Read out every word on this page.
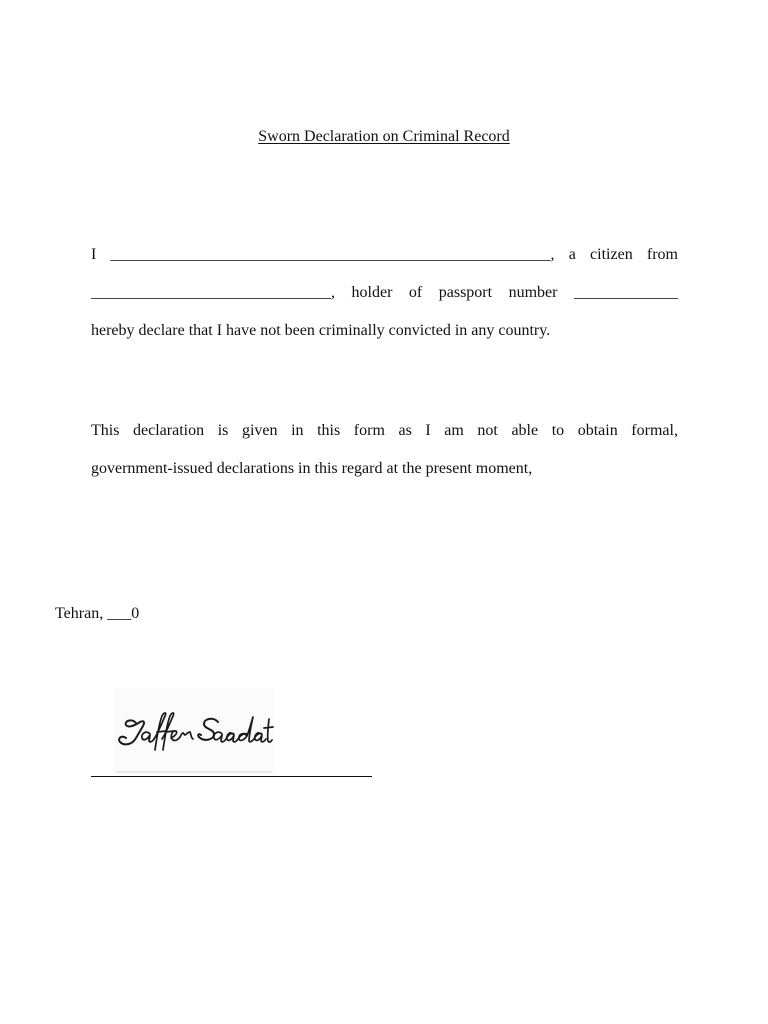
Sworn Declaration on Criminal Record
I _______________________________________________________, a citizen from
______________________________, holder of passport number _____________
hereby declare that I have not been criminally convicted in any country.
This declaration is given in this form as I am not able to obtain formal,
government-issued declarations in this regard at the present moment,
Tehran, ___0
